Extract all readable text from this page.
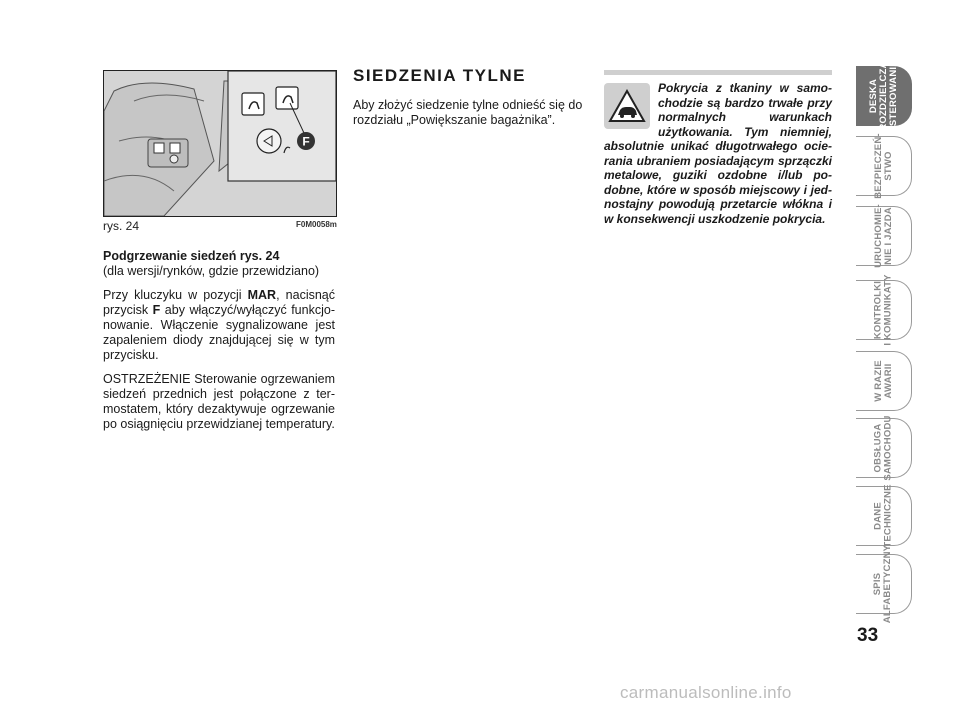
F
rys. 24	F0M0058m

Podgrzewanie siedzeń rys. 24

(dla wersji/rynków, gdzie przewidziano)

Przy kluczyku w pozycji MAR, nacisnąć przycisk F aby włączyć/wyłączyć funkcjonowanie. Włączenie sygnalizowane jest zapaleniem diody znajdującej się w tym przycisku.

OSTRZEŻENIE Sterowanie ogrzewaniem siedzeń przednich jest połączone z termostatem, który dezaktywuje ogrzewanie po osiągnięciu przewidzianej temperatury.

SIEDZENIA TYLNE

Aby złożyć siedzenie tylne odnieść się do rozdziału „Powiększanie bagażnika”.

Pokrycia z tkaniny w samochodzie są bardzo trwałe przy normalnych warunkach użytkowania. Tym niemniej, absolutnie unikać długotrwałego ocierania ubraniem posiadającym sprzączki metalowe, guziki ozdobne i/lub podobne, które w sposób miejscowy i jednostajny powodują przetarcie włókna i w konsekwencji uszkodzenie pokrycia.
DESKA
ROZDZIELCZA
I STEROWANIE
BEZPIECZEŃ-
STWO
URUCHOMIE-
NIE I JAZDA
KONTROLKI
I KOMUNIKATY
W RAZIE
AWARII
OBSŁUGA
SAMOCHODU
DANE
TECHNICZNE
SPIS
ALFABETYCZNY
33
carmanualsonline.info
